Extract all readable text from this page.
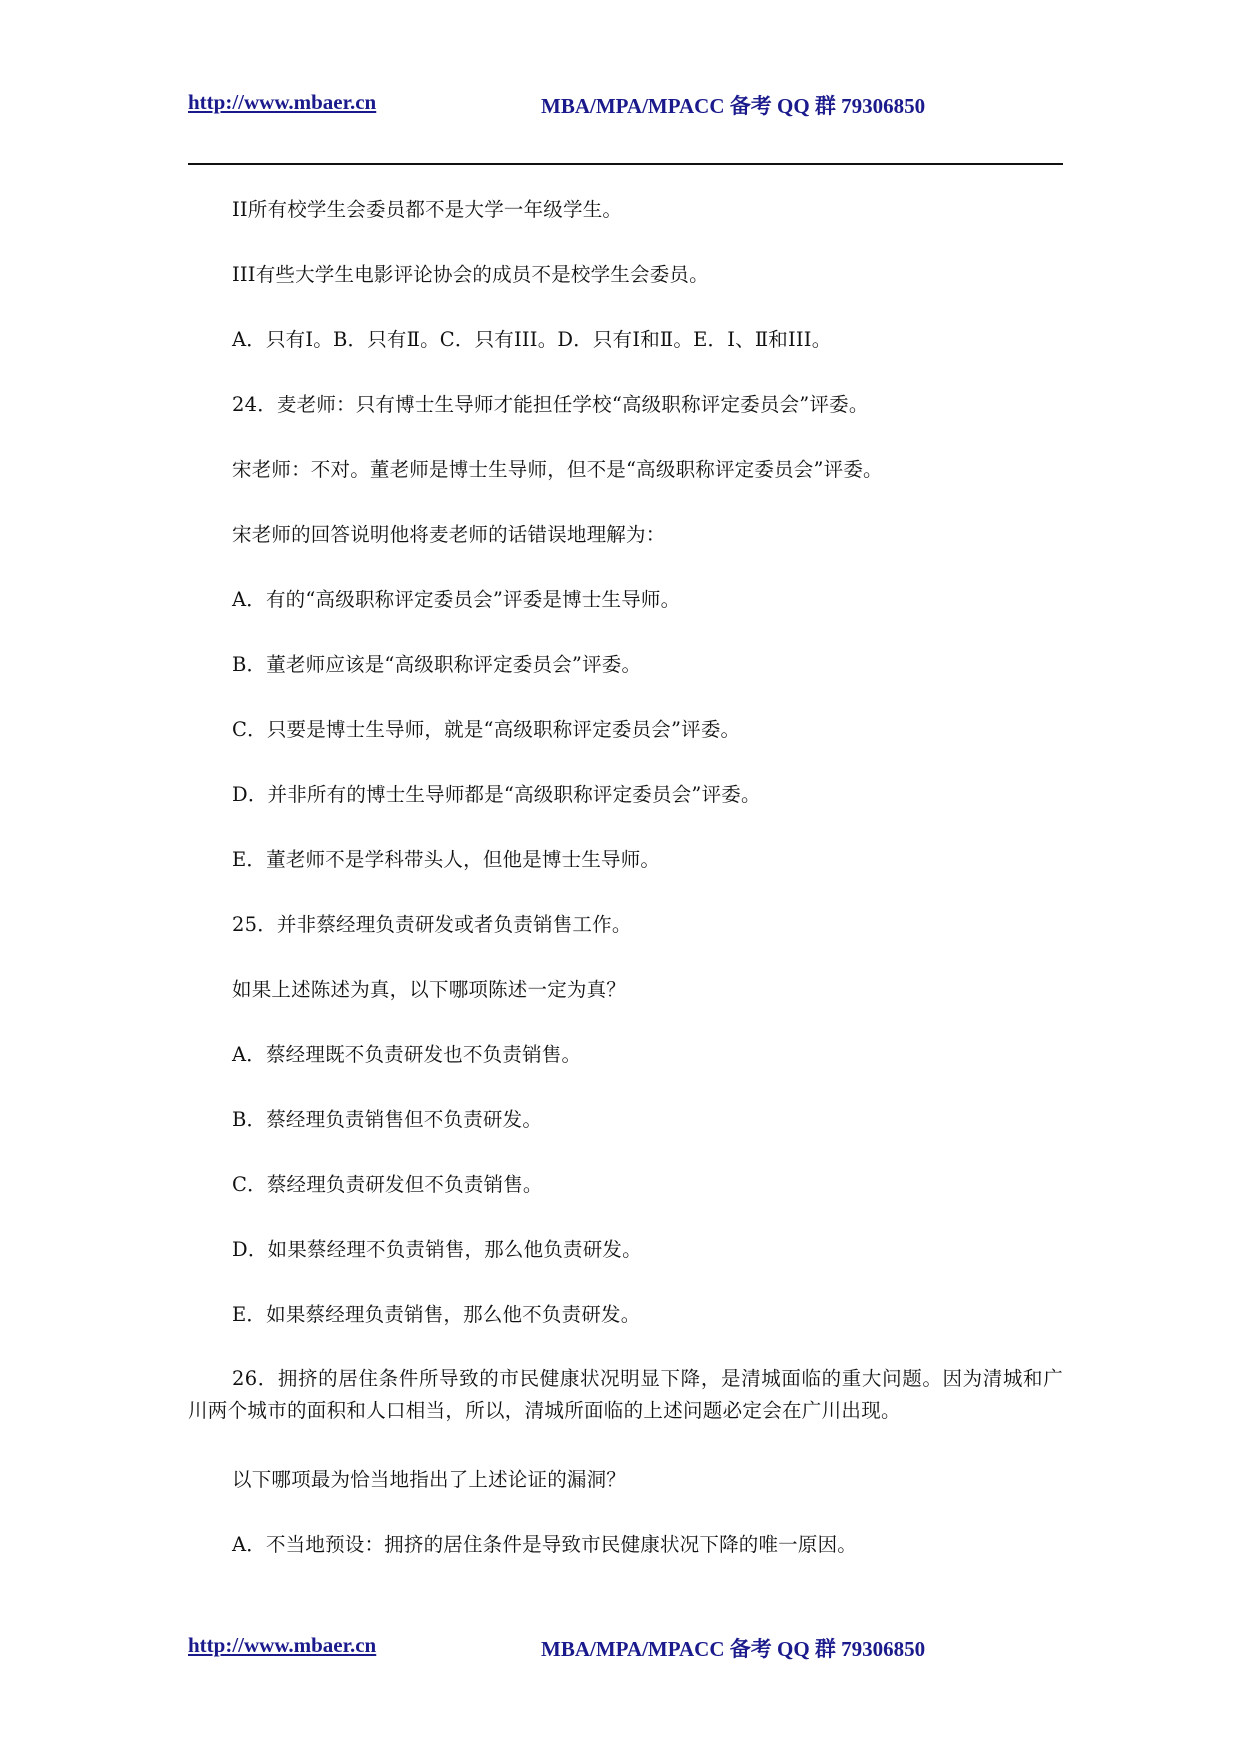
http://www.mbaer.cn	MBA/MPA/MPACC 备考 QQ 群 79306850
II所有校学生会委员都不是大学一年级学生。
III有些大学生电影评论协会的成员不是校学生会委员。
A．只有Ⅰ。B．只有Ⅱ。C．只有III。D．只有Ⅰ和Ⅱ。E．Ⅰ、Ⅱ和III。
24．麦老师：只有博士生导师才能担任学校“高级职称评定委员会”评委。
宋老师：不对。董老师是博士生导师，但不是“高级职称评定委员会”评委。
宋老师的回答说明他将麦老师的话错误地理解为：
A．有的“高级职称评定委员会”评委是博士生导师。
B．董老师应该是“高级职称评定委员会”评委。
C．只要是博士生导师，就是“高级职称评定委员会”评委。
D．并非所有的博士生导师都是“高级职称评定委员会”评委。
E．董老师不是学科带头人，但他是博士生导师。
25．并非蔡经理负责研发或者负责销售工作。
如果上述陈述为真，以下哪项陈述一定为真？
A．蔡经理既不负责研发也不负责销售。
B．蔡经理负责销售但不负责研发。
C．蔡经理负责研发但不负责销售。
D．如果蔡经理不负责销售，那么他负责研发。
E．如果蔡经理负责销售，那么他不负责研发。
26．拥挤的居住条件所导致的市民健康状况明显下降，是清城面临的重大问题。因为清城和广川两个城市的面积和人口相当，所以，清城所面临的上述问题必定会在广川出现。
以下哪项最为恰当地指出了上述论证的漏洞？
A．不当地预设：拥挤的居住条件是导致市民健康状况下降的唯一原因。
http://www.mbaer.cn	MBA/MPA/MPACC 备考 QQ 群 79306850
